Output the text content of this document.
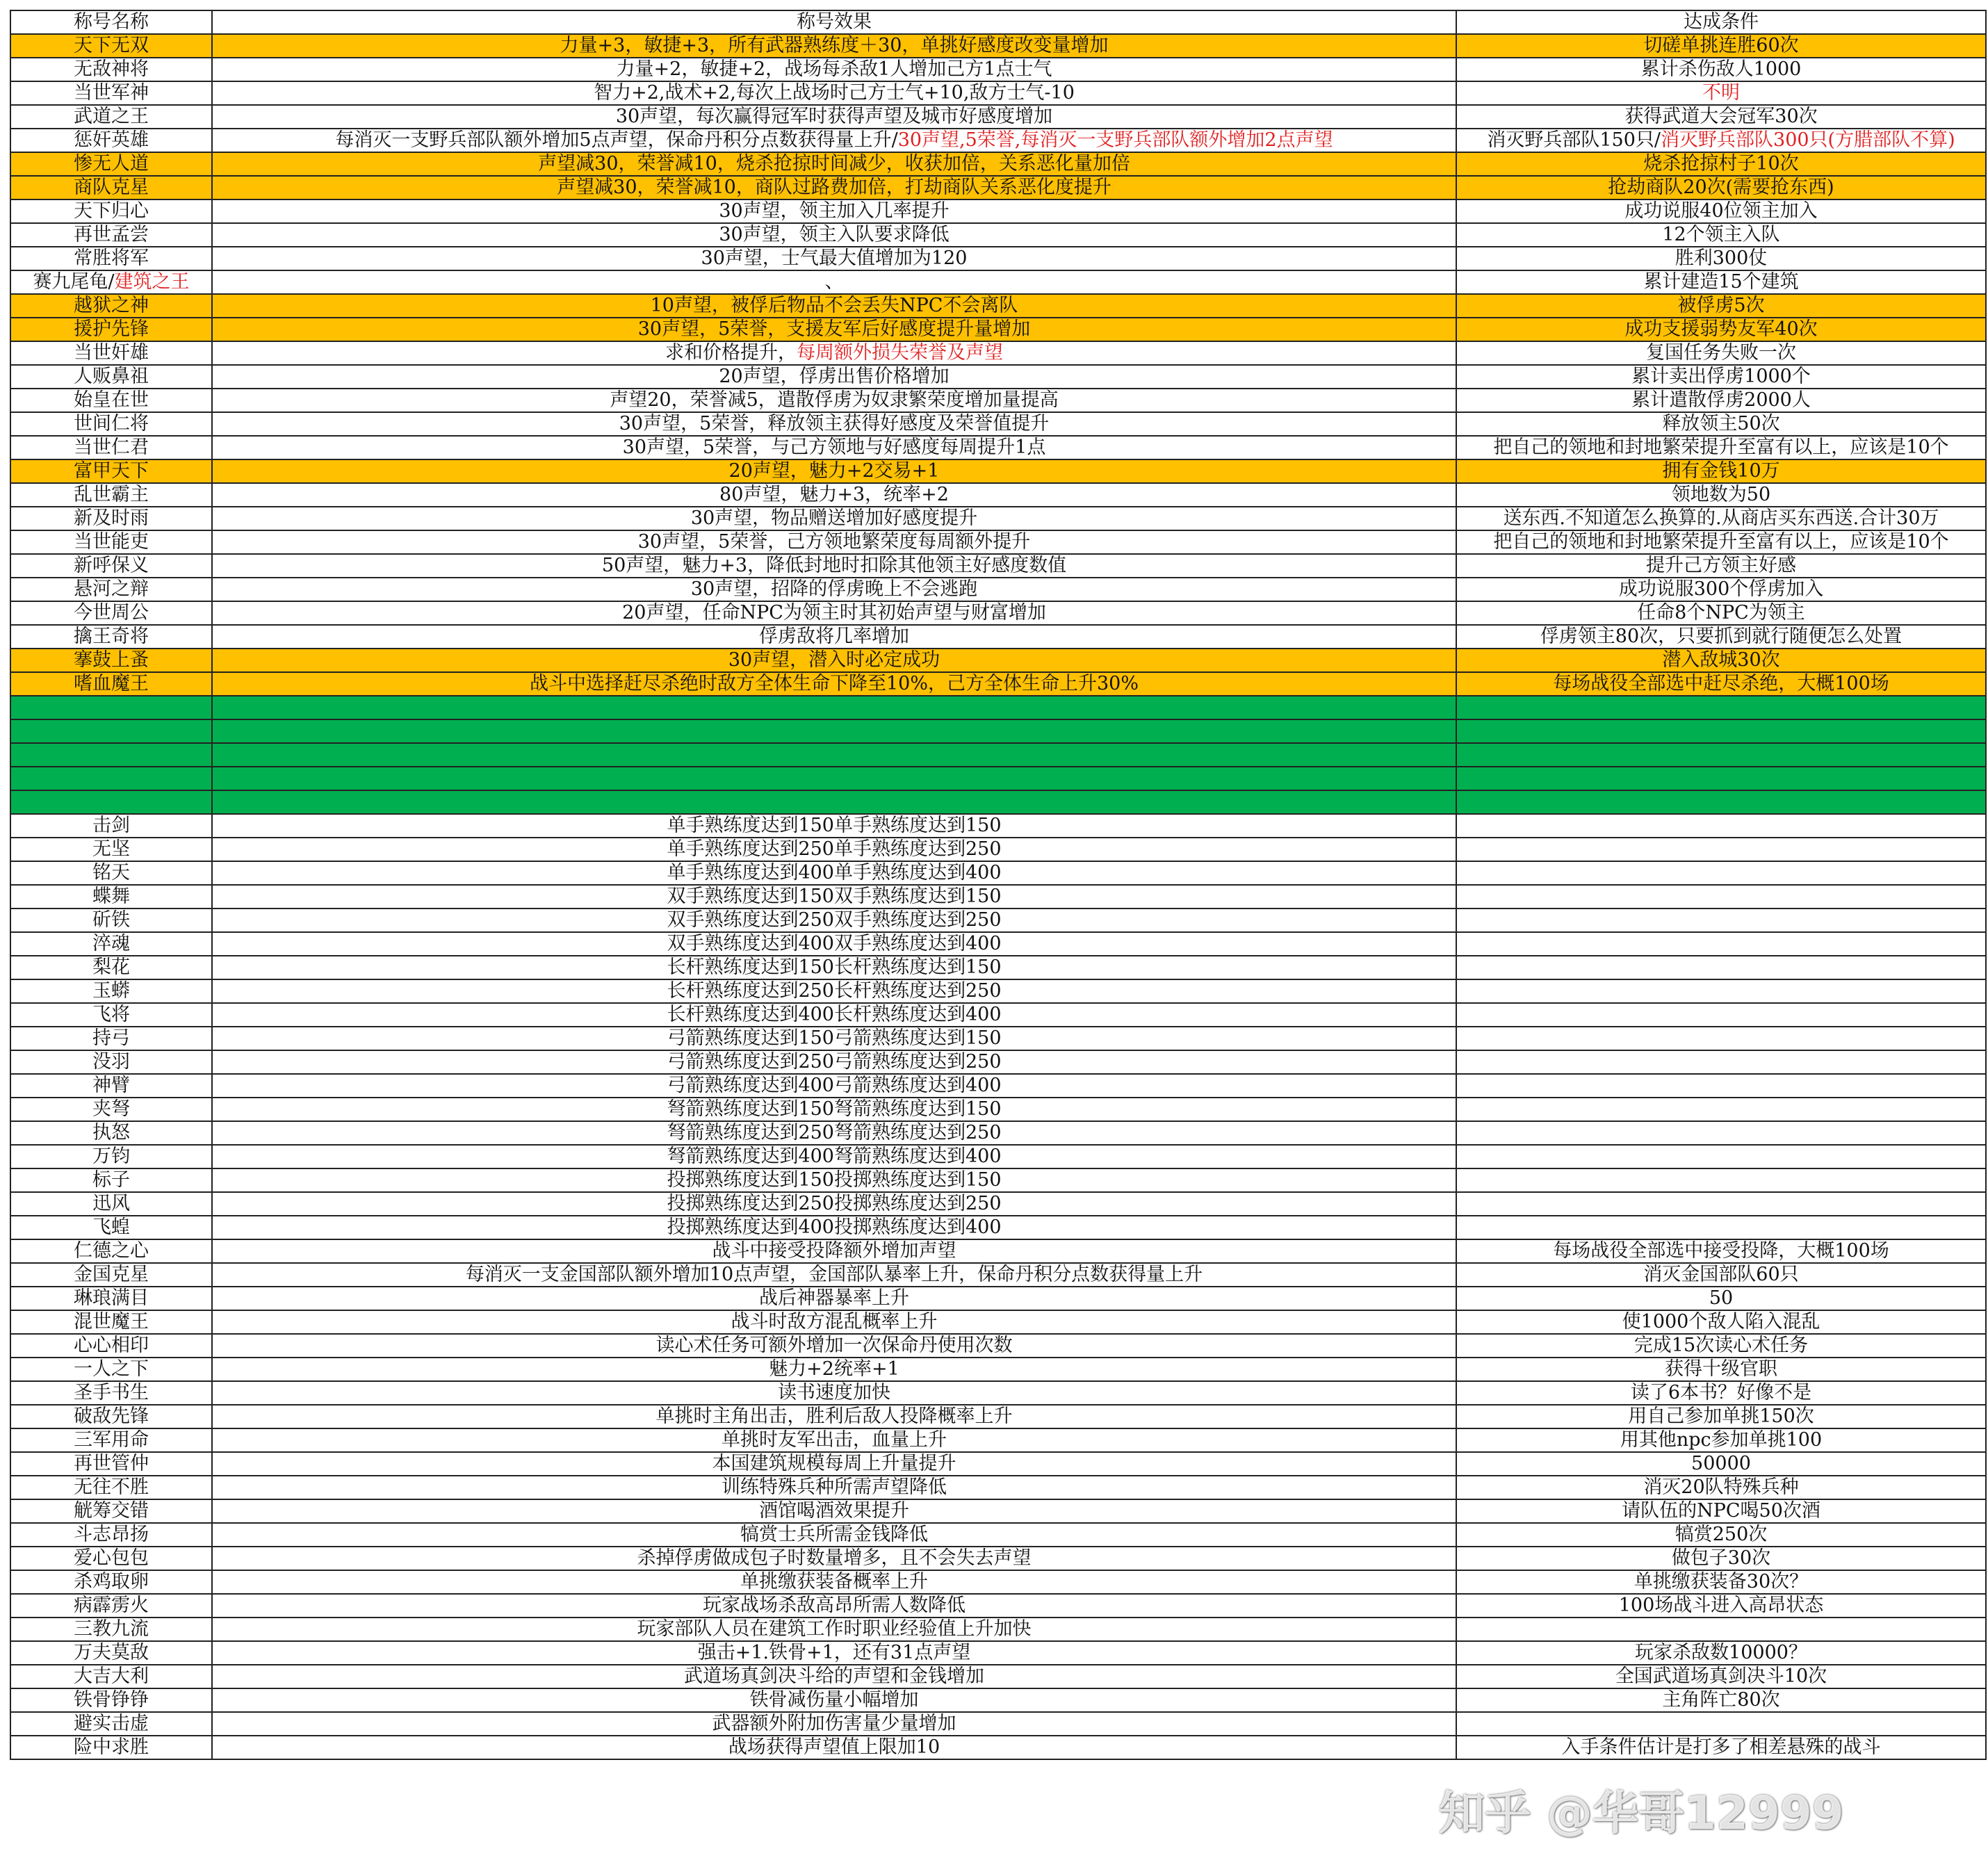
称号名称	称号效果	达成条件
天下无双	力量+3，敏捷+3，所有武器熟练度＋30，单挑好感度改变量增加	切磋单挑连胜60次
无敌神将	力量+2，敏捷+2，战场每杀敌1人增加己方1点士气	累计杀伤敌人1000
当世军神	智力+2,战术+2,每次上战场时己方士气+10,敌方士气-10	不明
武道之王	30声望，每次赢得冠军时获得声望及城市好感度增加	获得武道大会冠军30次
惩奸英雄	每消灭一支野兵部队额外增加5点声望，保命丹积分点数获得量上升/30声望,5荣誉,每消灭一支野兵部队额外增加2点声望	消灭野兵部队150只/消灭野兵部队300只(方腊部队不算)
惨无人道	声望减30，荣誉减10，烧杀抢掠时间减少，收获加倍，关系恶化量加倍	烧杀抢掠村子10次
商队克星	声望减30，荣誉减10，商队过路费加倍，打劫商队关系恶化度提升	抢劫商队20次(需要抢东西)
天下归心	30声望，领主加入几率提升	成功说服40位领主加入
再世孟尝	30声望，领主入队要求降低	12个领主入队
常胜将军	30声望，士气最大值增加为120	胜利300仗
赛九尾龟/建筑之王	、	累计建造15个建筑
越狱之神	10声望，被俘后物品不会丢失NPC不会离队	被俘虏5次
援护先锋	30声望，5荣誉，支援友军后好感度提升量增加	成功支援弱势友军40次
当世奸雄	求和价格提升，每周额外损失荣誉及声望	复国任务失败一次
人贩鼻祖	20声望，俘虏出售价格增加	累计卖出俘虏1000个
始皇在世	声望20，荣誉减5，遣散俘虏为奴隶繁荣度增加量提高	累计遣散俘虏2000人
世间仁将	30声望，5荣誉，释放领主获得好感度及荣誉值提升	释放领主50次
当世仁君	30声望，5荣誉，与己方领地与好感度每周提升1点	把自己的领地和封地繁荣提升至富有以上，应该是10个
富甲天下	20声望，魅力+2交易+1	拥有金钱10万
乱世霸主	80声望，魅力+3，统率+2	领地数为50
新及时雨	30声望，物品赠送增加好感度提升	送东西.不知道怎么换算的.从商店买东西送.合计30万
当世能吏	30声望，5荣誉，己方领地繁荣度每周额外提升	把自己的领地和封地繁荣提升至富有以上，应该是10个
新呼保义	50声望，魅力+3，降低封地时扣除其他领主好感度数值	提升己方领主好感
悬河之辩	30声望，招降的俘虏晚上不会逃跑	成功说服300个俘虏加入
今世周公	20声望，任命NPC为领主时其初始声望与财富增加	任命8个NPC为领主
擒王奇将	俘虏敌将几率增加	俘虏领主80次，只要抓到就行随便怎么处置
搴鼓上蚤	30声望，潜入时必定成功	潜入敌城30次
嗜血魔王	战斗中选择赶尽杀绝时敌方全体生命下降至10%，己方全体生命上升30%	每场战役全部选中赶尽杀绝，大概100场

击剑	单手熟练度达到150单手熟练度达到150	
无坚	单手熟练度达到250单手熟练度达到250	
铭天	单手熟练度达到400单手熟练度达到400	
蝶舞	双手熟练度达到150双手熟练度达到150	
斫铁	双手熟练度达到250双手熟练度达到250	
淬魂	双手熟练度达到400双手熟练度达到400	
梨花	长杆熟练度达到150长杆熟练度达到150	
玉蟒	长杆熟练度达到250长杆熟练度达到250	
飞将	长杆熟练度达到400长杆熟练度达到400	
持弓	弓箭熟练度达到150弓箭熟练度达到150	
没羽	弓箭熟练度达到250弓箭熟练度达到250	
神臂	弓箭熟练度达到400弓箭熟练度达到400	
夹弩	弩箭熟练度达到150弩箭熟练度达到150	
执怒	弩箭熟练度达到250弩箭熟练度达到250	
万钧	弩箭熟练度达到400弩箭熟练度达到400	
标子	投掷熟练度达到150投掷熟练度达到150	
迅风	投掷熟练度达到250投掷熟练度达到250	
飞蝗	投掷熟练度达到400投掷熟练度达到400	
仁德之心	战斗中接受投降额外增加声望	每场战役全部选中接受投降，大概100场
金国克星	每消灭一支金国部队额外增加10点声望，金国部队暴率上升，保命丹积分点数获得量上升	消灭金国部队60只
琳琅满目	战后神器暴率上升	50
混世魔王	战斗时敌方混乱概率上升	使1000个敌人陷入混乱
心心相印	读心术任务可额外增加一次保命丹使用次数	完成15次读心术任务
一人之下	魅力+2统率+1	获得十级官职
圣手书生	读书速度加快	读了6本书？好像不是
破敌先锋	单挑时主角出击，胜利后敌人投降概率上升	用自己参加单挑150次
三军用命	单挑时友军出击，血量上升	用其他npc参加单挑100
再世管仲	本国建筑规模每周上升量提升	50000
无往不胜	训练特殊兵种所需声望降低	消灭20队特殊兵种
觥筹交错	酒馆喝酒效果提升	请队伍的NPC喝50次酒
斗志昂扬	犒赏士兵所需金钱降低	犒赏250次
爱心包包	杀掉俘虏做成包子时数量增多，且不会失去声望	做包子30次
杀鸡取卵	单挑缴获装备概率上升	单挑缴获装备30次？
病霹雳火	玩家战场杀敌高昂所需人数降低	100场战斗进入高昂状态
三教九流	玩家部队人员在建筑工作时职业经验值上升加快	
万夫莫敌	强击+1.铁骨+1，还有31点声望	玩家杀敌数10000？
大吉大利	武道场真剑决斗给的声望和金钱增加	全国武道场真剑决斗10次
铁骨铮铮	铁骨减伤量小幅增加	主角阵亡80次
避实击虚	武器额外附加伤害量少量增加	
险中求胜	战场获得声望值上限加10	入手条件估计是打多了相差悬殊的战斗
知乎 @华哥12999
